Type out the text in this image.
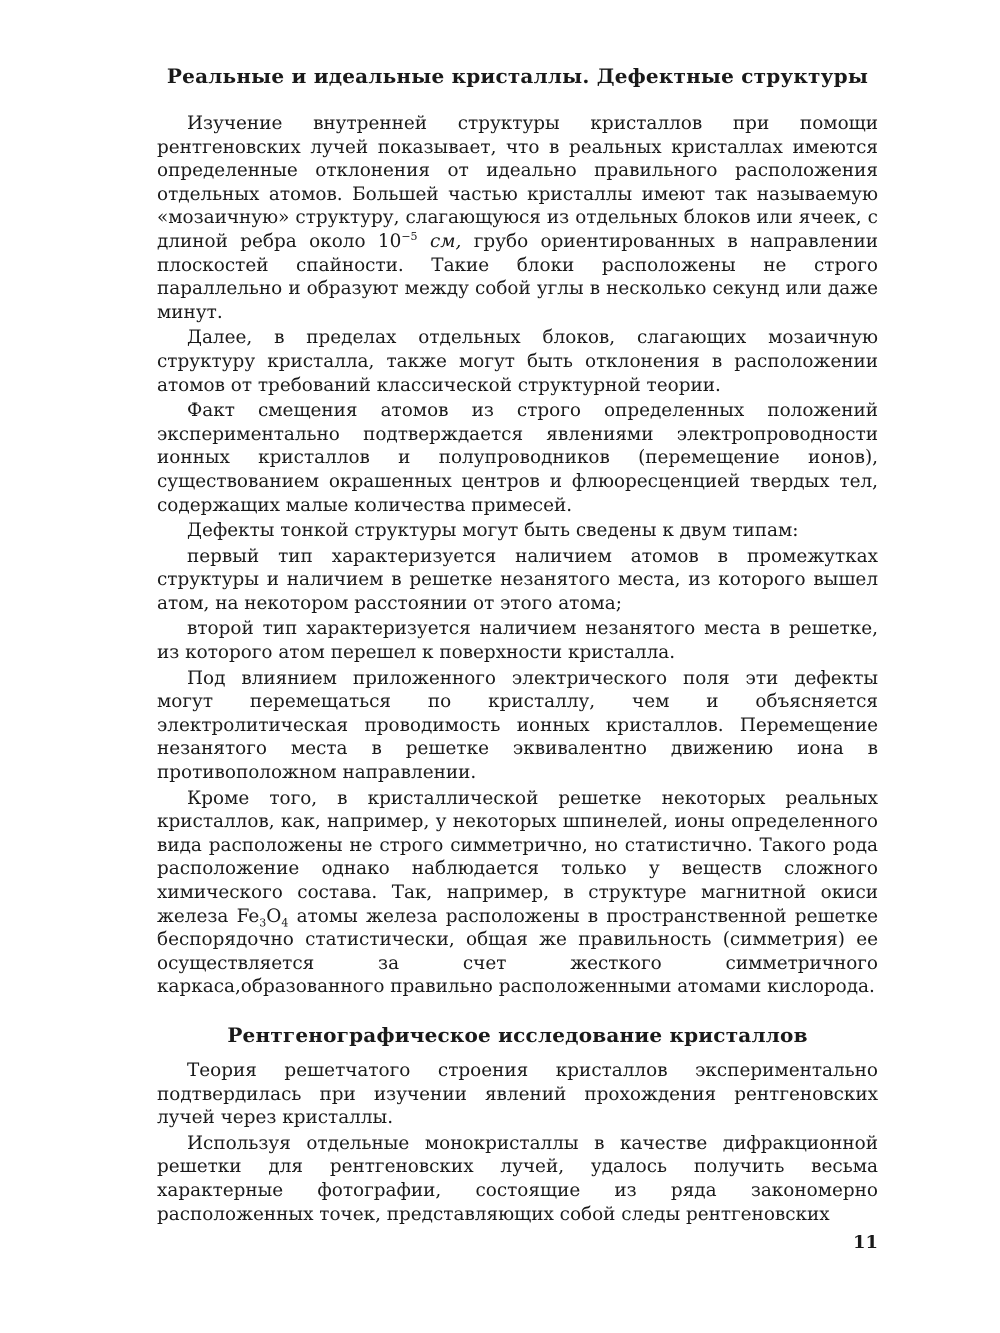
Реальные и идеальные кристаллы. Дефектные структуры

Изучение внутренней структуры кристаллов при помощи рентгеновских лучей показывает, что в реальных кристаллах имеются определенные отклонения от идеально правильного расположения отдельных атомов. Большей частью кристаллы имеют так называемую «мозаичную» структуру, слагающуюся из отдельных блоков или ячеек, с длиной ребра около $10^{-5}$ см, грубо ориентированных в направлении плоскостей спайности. Такие блоки расположены не строго параллельно и образуют между собой углы в несколько секунд или даже минут.

Далее, в пределах отдельных блоков, слагающих мозаичную структуру кристалла, также могут быть отклонения в расположении атомов от требований классической структурной теории.

Факт смещения атомов из строго определенных положений экспериментально подтверждается явлениями электропроводности ионных кристаллов и полупроводников (перемещение ионов), существованием окрашенных центров и флюоресценцией твердых тел, содержащих малые количества примесей.

Дефекты тонкой структуры могут быть сведены к двум типам:

первый тип характеризуется наличием атомов в промежутках структуры и наличием в решетке незанятого места, из которого вышел атом, на некотором расстоянии от этого атома;

второй тип характеризуется наличием незанятого места в решетке, из которого атом перешел к поверхности кристалла.

Под влиянием приложенного электрического поля эти дефекты могут перемещаться по кристаллу, чем и объясняется электролитическая проводимость ионных кристаллов. Перемещение незанятого места в решетке эквивалентно движению иона в противоположном направлении.

Кроме того, в кристаллической решетке некоторых реальных кристаллов, как, например, у некоторых шпинелей, ионы определенного вида расположены не строго симметрично, но статистично. Такого рода расположение однако наблюдается только у веществ сложного химического состава. Так, например, в структуре магнитной окиси железа $Fe_3O_4$ атомы железа расположены в пространственной решетке беспорядочно статистически, общая же правильность (симметрия) ее осуществляется за счет жесткого симметричного каркаса,образованного правильно расположенными атомами кислорода.

Рентгенографическое исследование кристаллов

Теория решетчатого строения кристаллов экспериментально подтвердилась при изучении явлений прохождения рентгеновских лучей через кристаллы.

Используя отдельные монокристаллы в качестве дифракционной решетки для рентгеновских лучей, удалось получить весьма характерные фотографии, состоящие из ряда закономерно расположенных точек, представляющих собой следы рентгеновских

11
